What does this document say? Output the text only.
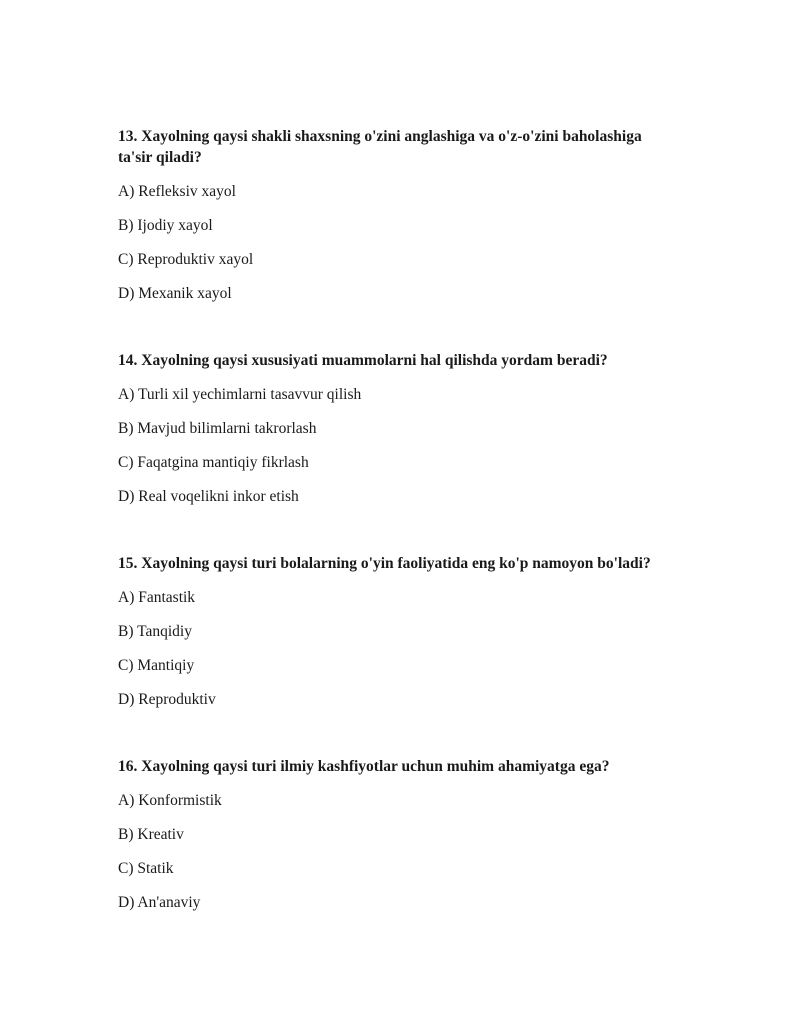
13. Xayolning qaysi shakli shaxsning o'zini anglashiga va o'z-o'zini baholashiga ta'sir qiladi?
A) Refleksiv xayol
B) Ijodiy xayol
C) Reproduktiv xayol
D) Mexanik xayol
14. Xayolning qaysi xususiyati muammolarni hal qilishda yordam beradi?
A) Turli xil yechimlarni tasavvur qilish
B) Mavjud bilimlarni takrorlash
C) Faqatgina mantiqiy fikrlash
D) Real voqelikni inkor etish
15. Xayolning qaysi turi bolalarning o'yin faoliyatida eng ko'p namoyon bo'ladi?
A) Fantastik
B) Tanqidiy
C) Mantiqiy
D) Reproduktiv
16. Xayolning qaysi turi ilmiy kashfiyotlar uchun muhim ahamiyatga ega?
A) Konformistik
B) Kreativ
C) Statik
D) An'anaviy
